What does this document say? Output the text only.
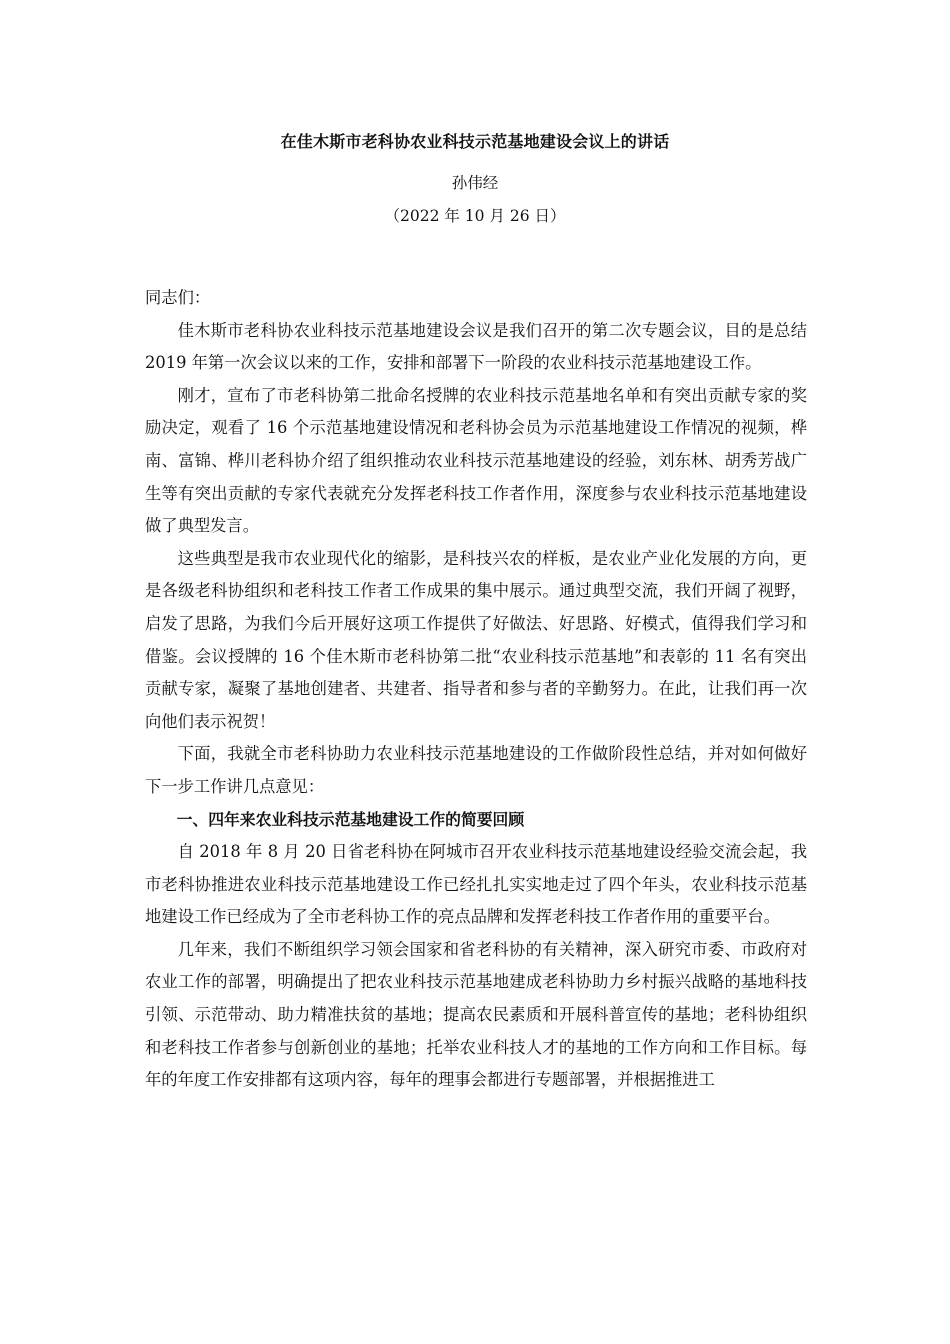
在佳木斯市老科协农业科技示范基地建设会议上的讲话
孙伟经
（2022 年 10 月 26 日）

同志们：

佳木斯市老科协农业科技示范基地建设会议是我们召开的第二次专题会议，目的是总结 2019 年第一次会议以来的工作，安排和部署下一阶段的农业科技示范基地建设工作。

刚才，宣布了市老科协第二批命名授牌的农业科技示范基地名单和有突出贡献专家的奖励决定，观看了 16 个示范基地建设情况和老科协会员为示范基地建设工作情况的视频，桦南、富锦、桦川老科协介绍了组织推动农业科技示范基地建设的经验，刘东林、胡秀芳战广生等有突出贡献的专家代表就充分发挥老科技工作者作用，深度参与农业科技示范基地建设做了典型发言。

这些典型是我市农业现代化的缩影，是科技兴农的样板，是农业产业化发展的方向，更是各级老科协组织和老科技工作者工作成果的集中展示。通过典型交流，我们开阔了视野，启发了思路，为我们今后开展好这项工作提供了好做法、好思路、好模式，值得我们学习和借鉴。会议授牌的 16 个佳木斯市老科协第二批“农业科技示范基地”和表彰的 11 名有突出贡献专家，凝聚了基地创建者、共建者、指导者和参与者的辛勤努力。在此，让我们再一次向他们表示祝贺！

下面，我就全市老科协助力农业科技示范基地建设的工作做阶段性总结，并对如何做好下一步工作讲几点意见：

一、四年来农业科技示范基地建设工作的简要回顾

自 2018 年 8 月 20 日省老科协在阿城市召开农业科技示范基地建设经验交流会起，我市老科协推进农业科技示范基地建设工作已经扎扎实实地走过了四个年头，农业科技示范基地建设工作已经成为了全市老科协工作的亮点品牌和发挥老科技工作者作用的重要平台。

几年来，我们不断组织学习领会国家和省老科协的有关精神，深入研究市委、市政府对农业工作的部署，明确提出了把农业科技示范基地建成老科协助力乡村振兴战略的基地科技引领、示范带动、助力精准扶贫的基地；提高农民素质和开展科普宣传的基地；老科协组织和老科技工作者参与创新创业的基地；托举农业科技人才的基地的工作方向和工作目标。每年的年度工作安排都有这项内容，每年的理事会都进行专题部署，并根据推进工
